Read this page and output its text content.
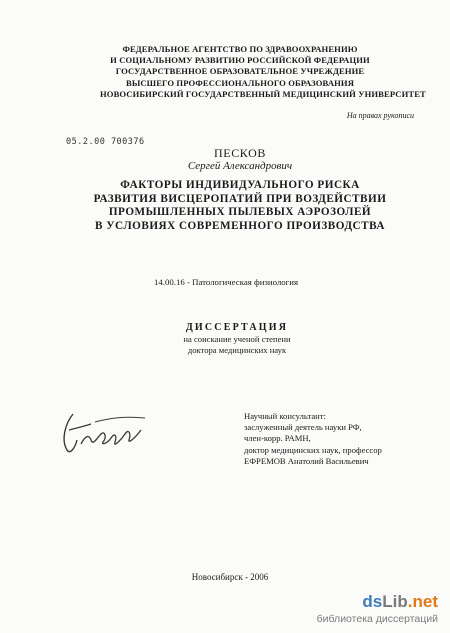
ФЕДЕРАЛЬНОЕ АГЕНТСТВО ПО ЗДРАВООХРАНЕНИЮ
И СОЦИАЛЬНОМУ РАЗВИТИЮ РОССИЙСКОЙ ФЕДЕРАЦИИ
ГОСУДАРСТВЕННОЕ ОБРАЗОВАТЕЛЬНОЕ УЧРЕЖДЕНИЕ
ВЫСШЕГО ПРОФЕССИОНАЛЬНОГО ОБРАЗОВАНИЯ
НОВОСИБИРСКИЙ ГОСУДАРСТВЕННЫЙ МЕДИЦИНСКИЙ УНИВЕРСИТЕТ
На правах рукописи
05.2.00 700376
ПЕСКОВ
Сергей Александрович
ФАКТОРЫ ИНДИВИДУАЛЬНОГО РИСКА
РАЗВИТИЯ ВИСЦЕРОПАТИЙ ПРИ ВОЗДЕЙСТВИИ
ПРОМЫШЛЕННЫХ ПЫЛЕВЫХ АЭРОЗОЛЕЙ
В УСЛОВИЯХ СОВРЕМЕННОГО ПРОИЗВОДСТВА
14.00.16 - Патологическая физиология
ДИССЕРТАЦИЯ
на соискание ученой степени
доктора медицинских наук
Научный консультант:
заслуженный деятель науки РФ,
член-корр. РАМН,
доктор медицинских наук, профессор
ЕФРЕМОВ Анатолий Васильевич
Новосибирск - 2006
dsLib.net
библиотека диссертаций
